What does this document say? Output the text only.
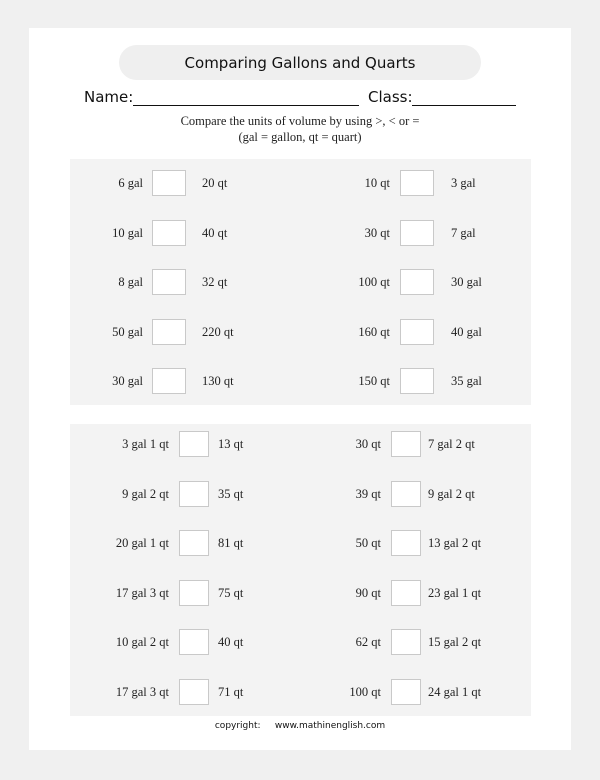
Comparing Gallons and Quarts
Name:	Class:
Compare the units of volume by using >, < or =
(gal = gallon, qt = quart)
6 gal	20 qt
10 gal	40 qt
8 gal	32 qt
50 gal	220 qt
30 gal	130 qt
10 qt	3 gal
30 qt	7 gal
100 qt	30 gal
160 qt	40 gal
150 qt	35 gal
3 gal 1 qt	13 qt
9 gal 2 qt	35 qt
20 gal 1 qt	81 qt
17 gal 3 qt	75 qt
10 gal 2 qt	40 qt
17 gal 3 qt	71 qt
30 qt	7 gal 2 qt
39 qt	9 gal 2 qt
50 qt	13 gal 2 qt
90 qt	23 gal 1 qt
62 qt	15 gal 2 qt
100 qt	24 gal 1 qt
copyright: www.mathinenglish.com
